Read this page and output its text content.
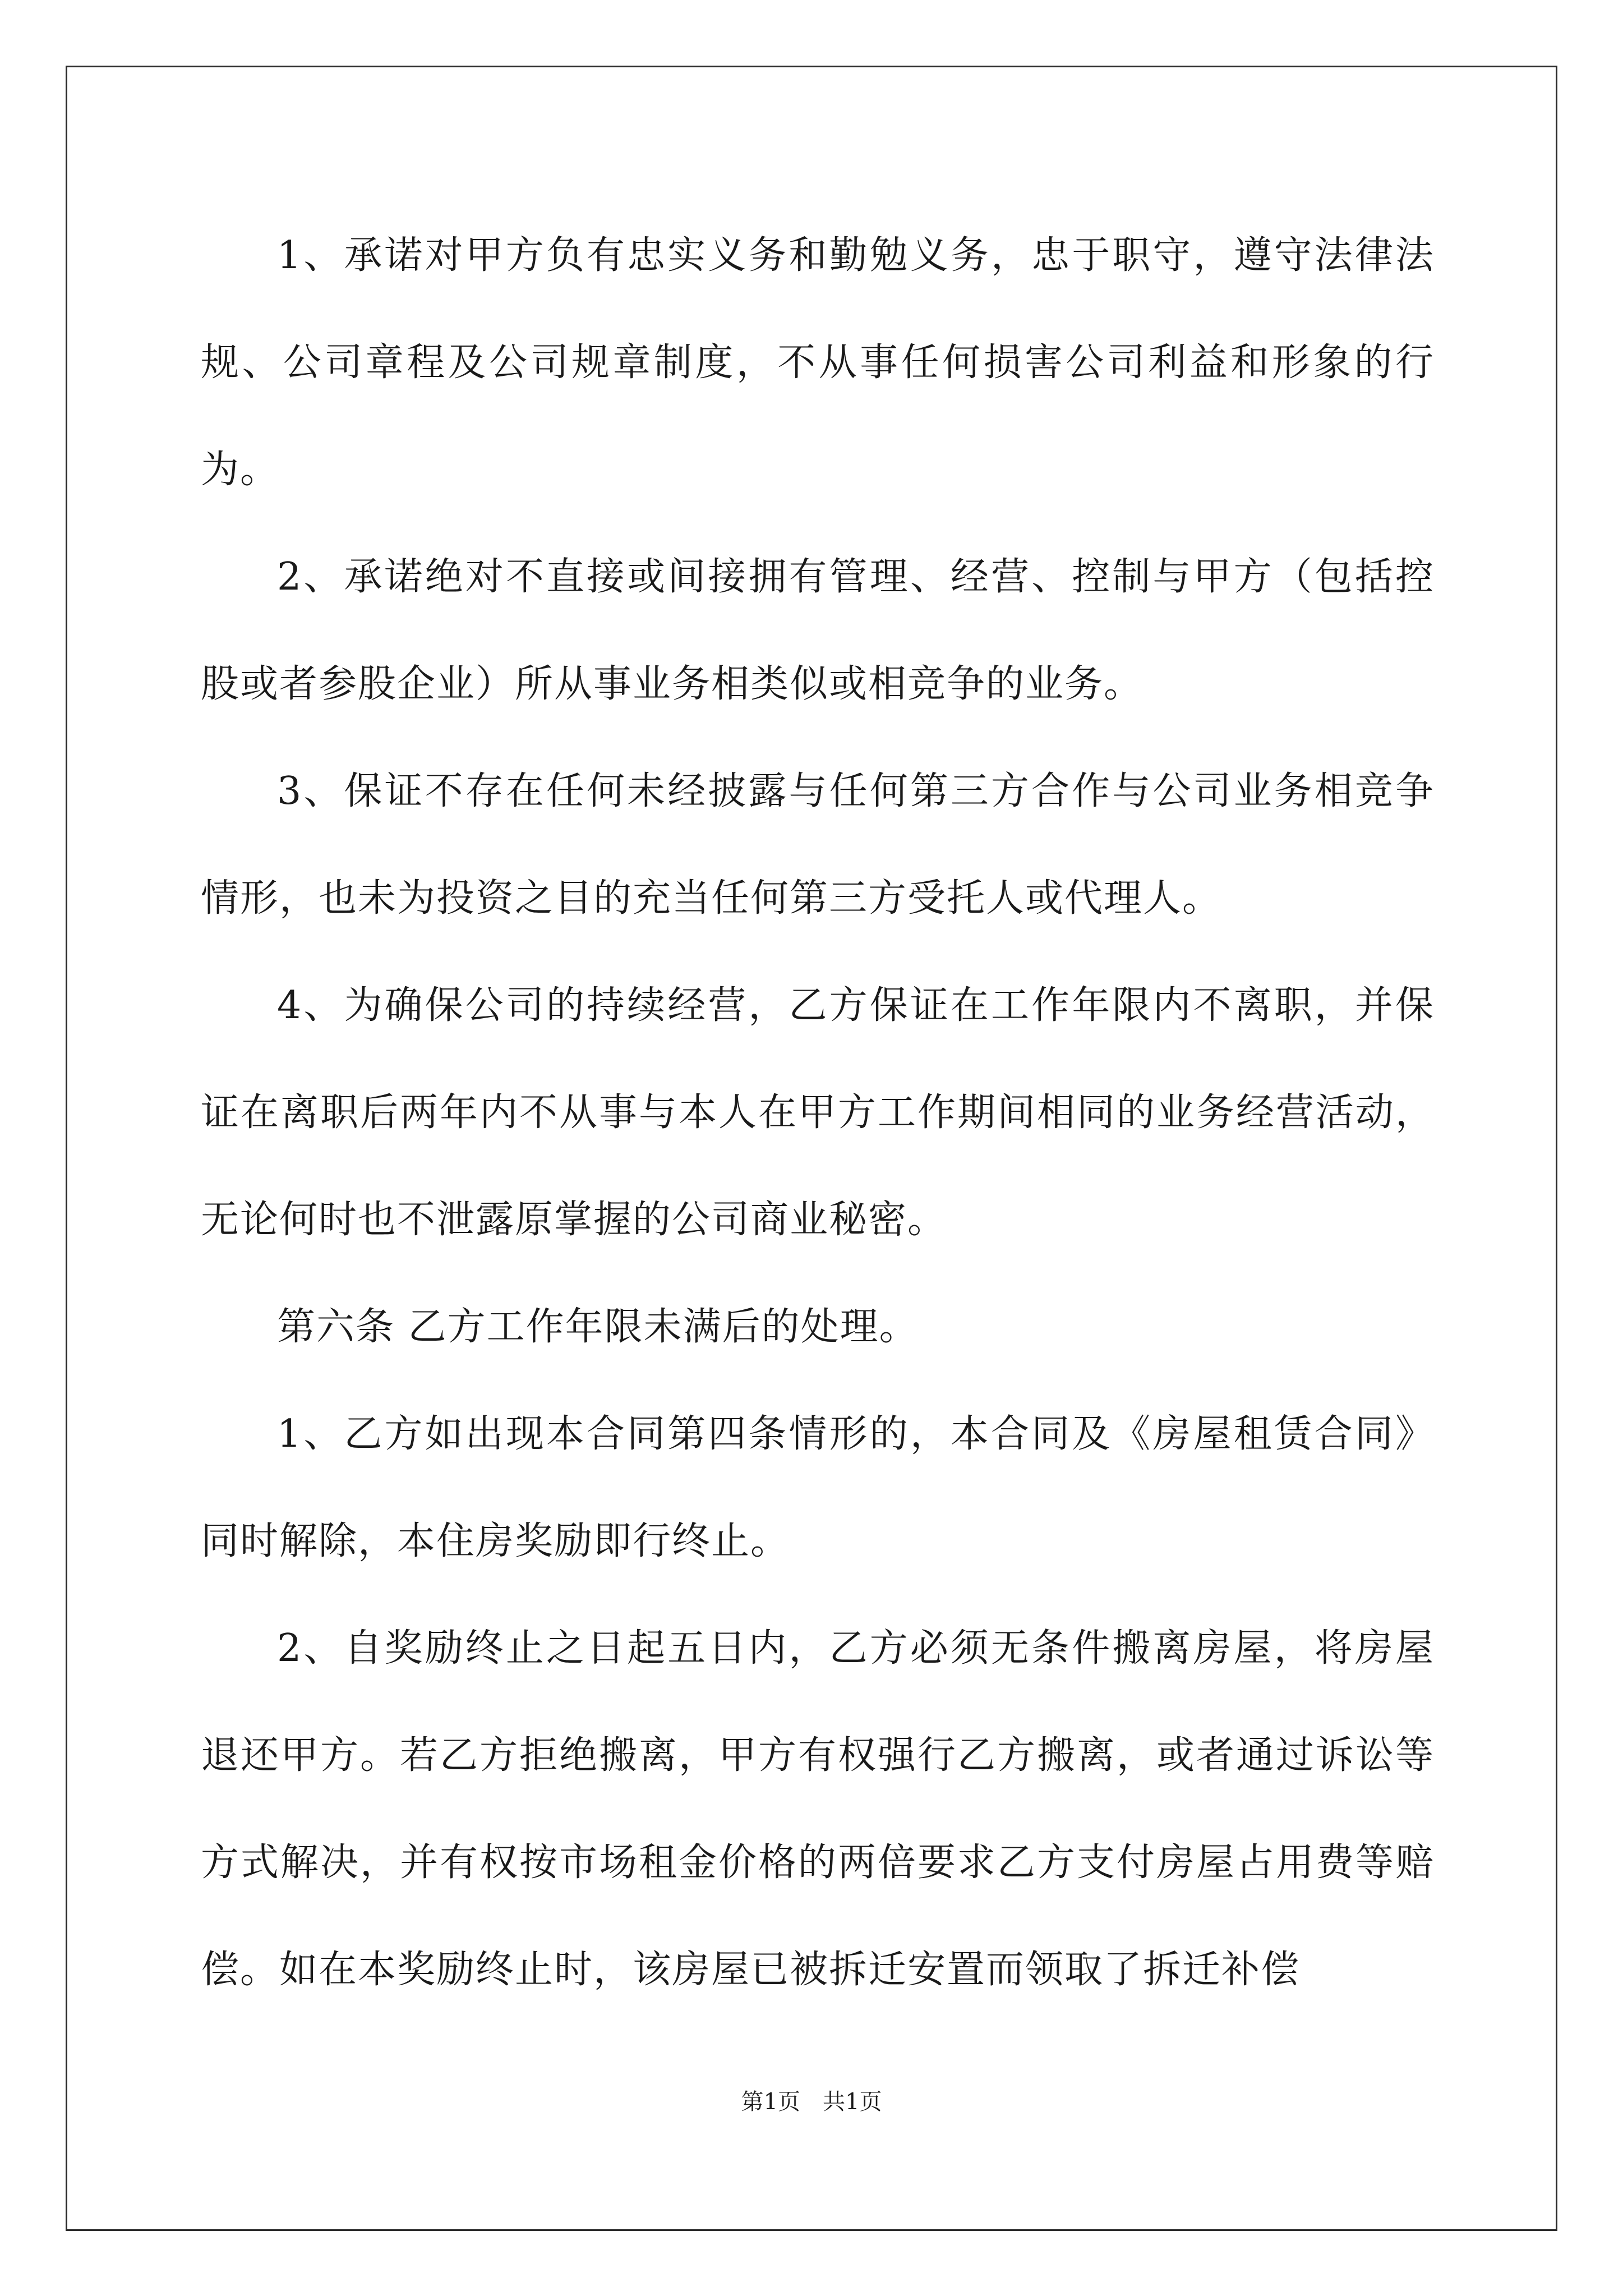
1、承诺对甲方负有忠实义务和勤勉义务，忠于职守，遵守法律法规、公司章程及公司规章制度，不从事任何损害公司利益和形象的行为。

2、承诺绝对不直接或间接拥有管理、经营、控制与甲方（包括控股或者参股企业）所从事业务相类似或相竞争的业务。

3、保证不存在任何未经披露与任何第三方合作与公司业务相竞争情形，也未为投资之目的充当任何第三方受托人或代理人。

4、为确保公司的持续经营，乙方保证在工作年限内不离职，并保证在离职后两年内不从事与本人在甲方工作期间相同的业务经营活动，无论何时也不泄露原掌握的公司商业秘密。

第六条 乙方工作年限未满后的处理。

1、乙方如出现本合同第四条情形的，本合同及《房屋租赁合同》同时解除，本住房奖励即行终止。

2、自奖励终止之日起五日内，乙方必须无条件搬离房屋，将房屋退还甲方。若乙方拒绝搬离，甲方有权强行乙方搬离，或者通过诉讼等方式解决，并有权按市场租金价格的两倍要求乙方支付房屋占用费等赔偿。如在本奖励终止时，该房屋已被拆迁安置而领取了拆迁补偿

第1页　共1页
